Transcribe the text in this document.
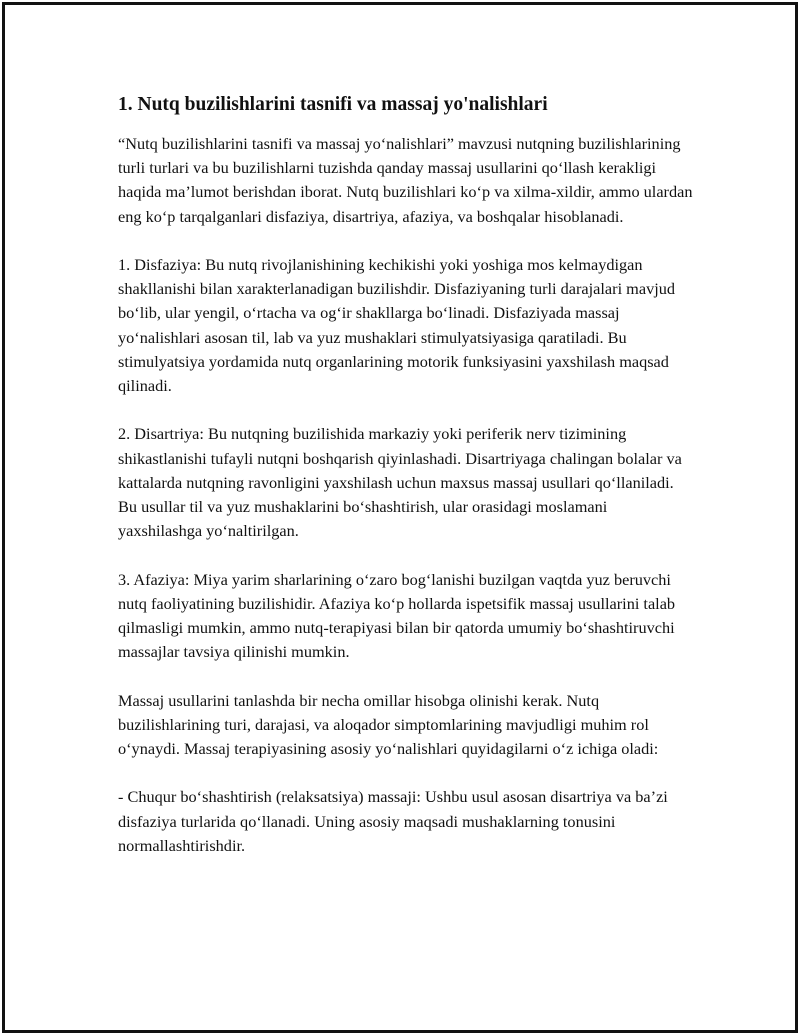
1. Nutq buzilishlarini tasnifi va massaj yo'nalishlari

“Nutq buzilishlarini tasnifi va massaj yo‘nalishlari” mavzusi nutqning buzilishlarining turli turlari va bu buzilishlarni tuzishda qanday massaj usullarini qo‘llash kerakligi haqida ma’lumot berishdan iborat. Nutq buzilishlari ko‘p va xilma-xildir, ammo ulardan eng ko‘p tarqalganlari disfaziya, disartriya, afaziya, va boshqalar hisoblanadi.

1. Disfaziya: Bu nutq rivojlanishining kechikishi yoki yoshiga mos kelmaydigan shakllanishi bilan xarakterlanadigan buzilishdir. Disfaziyaning turli darajalari mavjud bo‘lib, ular yengil, o‘rtacha va og‘ir shakllarga bo‘linadi. Disfaziyada massaj yo‘nalishlari asosan til, lab va yuz mushaklari stimulyatsiyasiga qaratiladi. Bu stimulyatsiya yordamida nutq organlarining motorik funksiyasini yaxshilash maqsad qilinadi.

2. Disartriya: Bu nutqning buzilishida markaziy yoki periferik nerv tizimining shikastlanishi tufayli nutqni boshqarish qiyinlashadi. Disartriyaga chalingan bolalar va kattalarda nutqning ravonligini yaxshilash uchun maxsus massaj usullari qo‘llaniladi. Bu usullar til va yuz mushaklarini bo‘shashtirish, ular orasidagi moslamani yaxshilashga yo‘naltirilgan.

3. Afaziya: Miya yarim sharlarining o‘zaro bog‘lanishi buzilgan vaqtda yuz beruvchi nutq faoliyatining buzilishidir. Afaziya ko‘p hollarda ispetsifik massaj usullarini talab qilmasligi mumkin, ammo nutq-terapiyasi bilan bir qatorda umumiy bo‘shashtiruvchi massajlar tavsiya qilinishi mumkin.

Massaj usullarini tanlashda bir necha omillar hisobga olinishi kerak. Nutq buzilishlarining turi, darajasi, va aloqador simptomlarining mavjudligi muhim rol o‘ynaydi. Massaj terapiyasining asosiy yo‘nalishlari quyidagilarni o‘z ichiga oladi:

- Chuqur bo‘shashtirish (relaksatsiya) massaji: Ushbu usul asosan disartriya va ba’zi disfaziya turlarida qo‘llanadi. Uning asosiy maqsadi mushaklarning tonusini normallashtirishdir.
